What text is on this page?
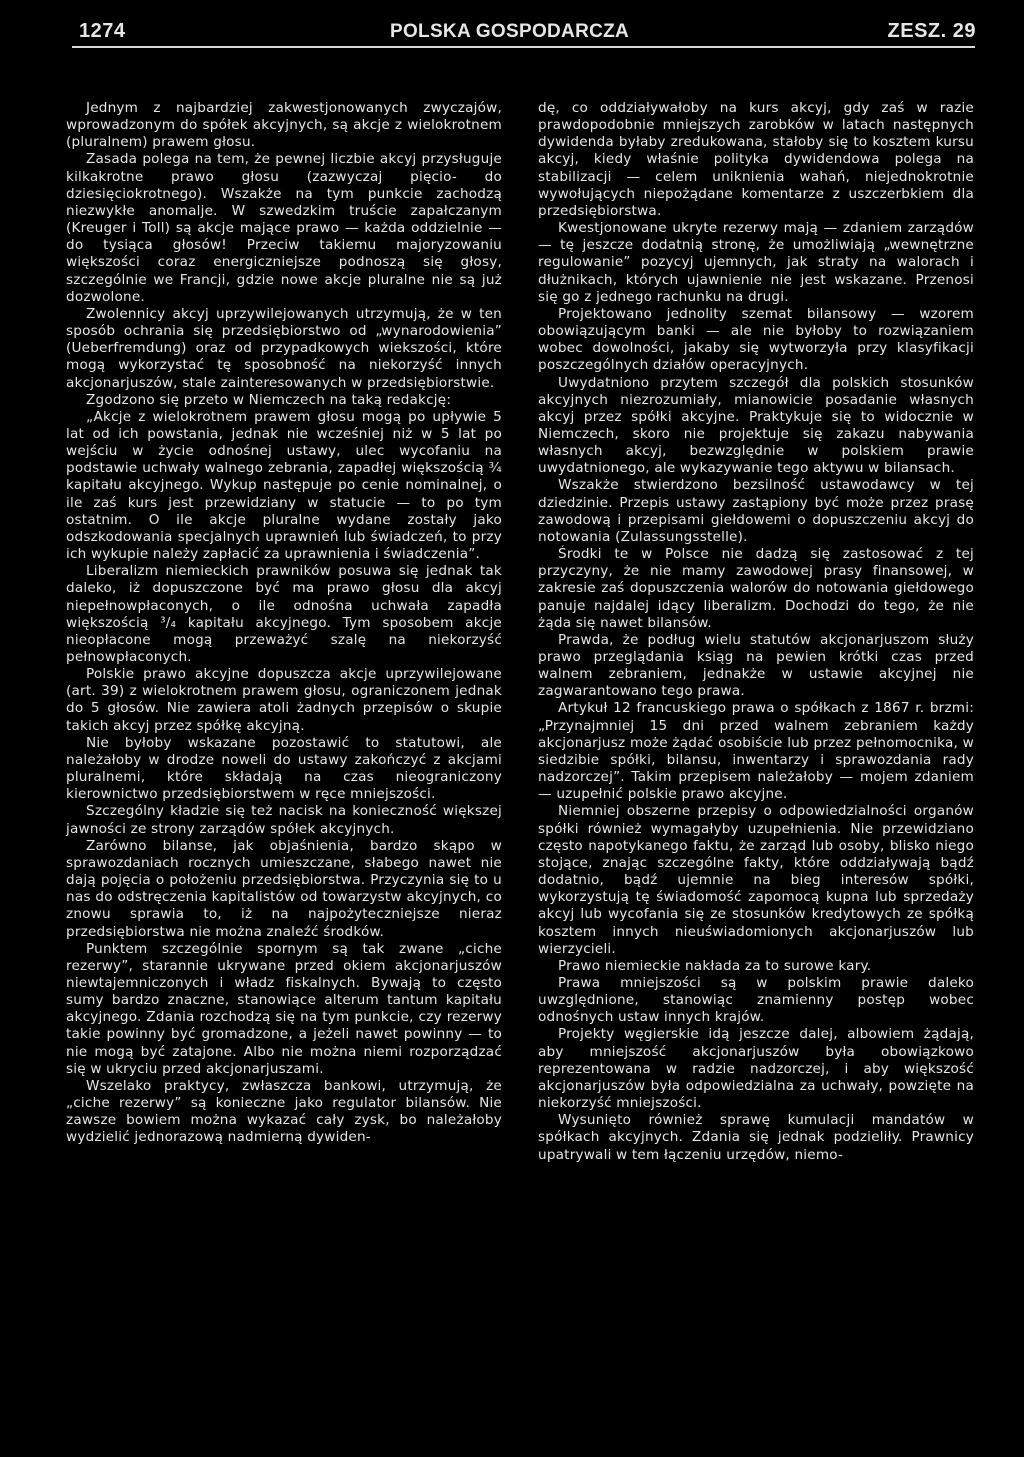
1274	POLSKA GOSPODARCZA	ZESZ. 29

Jednym z najbardziej zakwestjonowanych zwyczajów, wprowadzonym do spółek akcyjnych, są akcje z wielokrotnem (pluralnem) prawem głosu.

Zasada polega na tem, że pewnej liczbie akcyj przysługuje kilkakrotne prawo głosu (zazwyczaj pięcio- do dziesięciokrotnego). Wszakże na tym punkcie zachodzą niezwykłe anomalje. W szwedzkim truście zapałczanym (Kreuger i Toll) są akcje mające prawo — każda oddzielnie — do tysiąca głosów! Przeciw takiemu majoryzowaniu większości coraz energiczniejsze podnoszą się głosy, szczególnie we Francji, gdzie nowe akcje pluralne nie są już dozwolone.

Zwolennicy akcyj uprzywilejowanych utrzymują, że w ten sposób ochrania się przedsiębiorstwo od „wynarodowienia” (Ueberfremdung) oraz od przypadkowych wiekszości, które mogą wykorzystać tę sposobność na niekorzyść innych akcjonarjuszów, stale zainteresowanych w przedsiębiorstwie.

Zgodzono się przeto w Niemczech na taką redakcję:

„Akcje z wielokrotnem prawem głosu mogą po upływie 5 lat od ich powstania, jednak nie wcześniej niż w 5 lat po wejściu w życie odnośnej ustawy, ulec wycofaniu na podstawie uchwały walnego zebrania, zapadłej większością ¾ kapitału akcyjnego. Wykup następuje po cenie nominalnej, o ile zaś kurs jest przewidziany w statucie — to po tym ostatnim. O ile akcje pluralne wydane zostały jako odszkodowania specjalnych uprawnień lub świadczeń, to przy ich wykupie należy zapłacić za uprawnienia i świadczenia”.

Liberalizm niemieckich prawników posuwa się jednak tak daleko, iż dopuszczone być ma prawo głosu dla akcyj niepełnowpłaconych, o ile odnośna uchwała zapadła większością ³/₄ kapitału akcyjnego. Tym sposobem akcje nieopłacone mogą przeważyć szalę na niekorzyść pełnowpłaconych.

Polskie prawo akcyjne dopuszcza akcje uprzywilejowane (art. 39) z wielokrotnem prawem głosu, ograniczonem jednak do 5 głosów. Nie zawiera atoli żadnych przepisów o skupie takich akcyj przez spółkę akcyjną.

Nie byłoby wskazane pozostawić to statutowi, ale należałoby w drodze noweli do ustawy zakończyć z akcjami pluralnemi, które składają na czas nieograniczony kierownictwo przedsiębiorstwem w ręce mniejszości.

Szczególny kładzie się też nacisk na konieczność większej jawności ze strony zarządów spółek akcyjnych.

Zarówno bilanse, jak objaśnienia, bardzo skąpo w sprawozdaniach rocznych umieszczane, słabego nawet nie dają pojęcia o położeniu przedsiębiorstwa. Przyczynia się to u nas do odstręczenia kapitalistów od towarzystw akcyjnych, co znowu sprawia to, iż na najpożyteczniejsze nieraz przedsiębiorstwa nie można znaleźć środków.

Punktem szczególnie spornym są tak zwane „ciche rezerwy”, starannie ukrywane przed okiem akcjonarjuszów niewtajemniczonych i władz fiskalnych. Bywają to często sumy bardzo znaczne, stanowiące alterum tantum kapitału akcyjnego. Zdania rozchodzą się na tym punkcie, czy rezerwy takie powinny być gromadzone, a jeżeli nawet powinny — to nie mogą być zatajone. Albo nie można niemi rozporządzać się w ukryciu przed akcjonarjuszami.

Wszelako praktycy, zwłaszcza bankowi, utrzymują, że „ciche rezerwy” są konieczne jako regulator bilansów. Nie zawsze bowiem można wykazać cały zysk, bo należałoby wydzielić jednorazową nadmierną dywiden-

dę, co oddziaływałoby na kurs akcyj, gdy zaś w razie prawdopodobnie mniejszych zarobków w latach następnych dywidenda byłaby zredukowana, stałoby się to kosztem kursu akcyj, kiedy właśnie polityka dywidendowa polega na stabilizacji — celem uniknienia wahań, niejednokrotnie wywołujących niepożądane komentarze z uszczerbkiem dla przedsiębiorstwa.

Kwestjonowane ukryte rezerwy mają — zdaniem zarządów — tę jeszcze dodatnią stronę, że umożliwiają „wewnętrzne regulowanie” pozycyj ujemnych, jak straty na walorach i dłużnikach, których ujawnienie nie jest wskazane. Przenosi się go z jednego rachunku na drugi.

Projektowano jednolity szemat bilansowy — wzorem obowiązującym banki — ale nie byłoby to rozwiązaniem wobec dowolności, jakaby się wytworzyła przy klasyfikacji poszczególnych działów operacyjnych.

Uwydatniono przytem szczegół dla polskich stosunków akcyjnych niezrozumiały, mianowicie posadanie własnych akcyj przez spółki akcyjne. Praktykuje się to widocznie w Niemczech, skoro nie projektuje się zakazu nabywania własnych akcyj, bezwzględnie w polskiem prawie uwydatnionego, ale wykazywanie tego aktywu w bilansach.

Wszakże stwierdzono bezsilność ustawodawcy w tej dziedzinie. Przepis ustawy zastąpiony być może przez prasę zawodową i przepisami giełdowemi o dopuszczeniu akcyj do notowania (Zulassungsstelle).

Środki te w Polsce nie dadzą się zastosować z tej przyczyny, że nie mamy zawodowej prasy finansowej, w zakresie zaś dopuszczenia walorów do notowania giełdowego panuje najdalej idący liberalizm. Dochodzi do tego, że nie żąda się nawet bilansów.

Prawda, że podług wielu statutów akcjonarjuszom służy prawo przeglądania ksiąg na pewien krótki czas przed walnem zebraniem, jednakże w ustawie akcyjnej nie zagwarantowano tego prawa.

Artykuł 12 francuskiego prawa o spółkach z 1867 r. brzmi: „Przynajmniej 15 dni przed walnem zebraniem każdy akcjonarjusz może żądać osobiście lub przez pełnomocnika, w siedzibie spółki, bilansu, inwentarzy i sprawozdania rady nadzorczej”. Takim przepisem należałoby — mojem zdaniem — uzupełnić polskie prawo akcyjne.

Niemniej obszerne przepisy o odpowiedzialności organów spółki również wymagałyby uzupełnienia. Nie przewidziano często napotykanego faktu, że zarząd lub osoby, blisko niego stojące, znając szczególne fakty, które oddziaływają bądź dodatnio, bądź ujemnie na bieg interesów spółki, wykorzystują tę świadomość zapomocą kupna lub sprzedaży akcyj lub wycofania się ze stosunków kredytowych ze spółką kosztem innych nieuświadomionych akcjonarjuszów lub wierzycieli.

Prawo niemieckie nakłada za to surowe kary.

Prawa mniejszości są w polskim prawie daleko uwzględnione, stanowiąc znamienny postęp wobec odnośnych ustaw innych krajów.

Projekty węgierskie idą jeszcze dalej, albowiem żądają, aby mniejszość akcjonarjuszów była obowiązkowo reprezentowana w radzie nadzorczej, i aby większość akcjonarjuszów była odpowiedzialna za uchwały, powzięte na niekorzyść mniejszości.

Wysunięto również sprawę kumulacji mandatów w spółkach akcyjnych. Zdania się jednak podzieliły. Prawnicy upatrywali w tem łączeniu urzędów, niemo-
